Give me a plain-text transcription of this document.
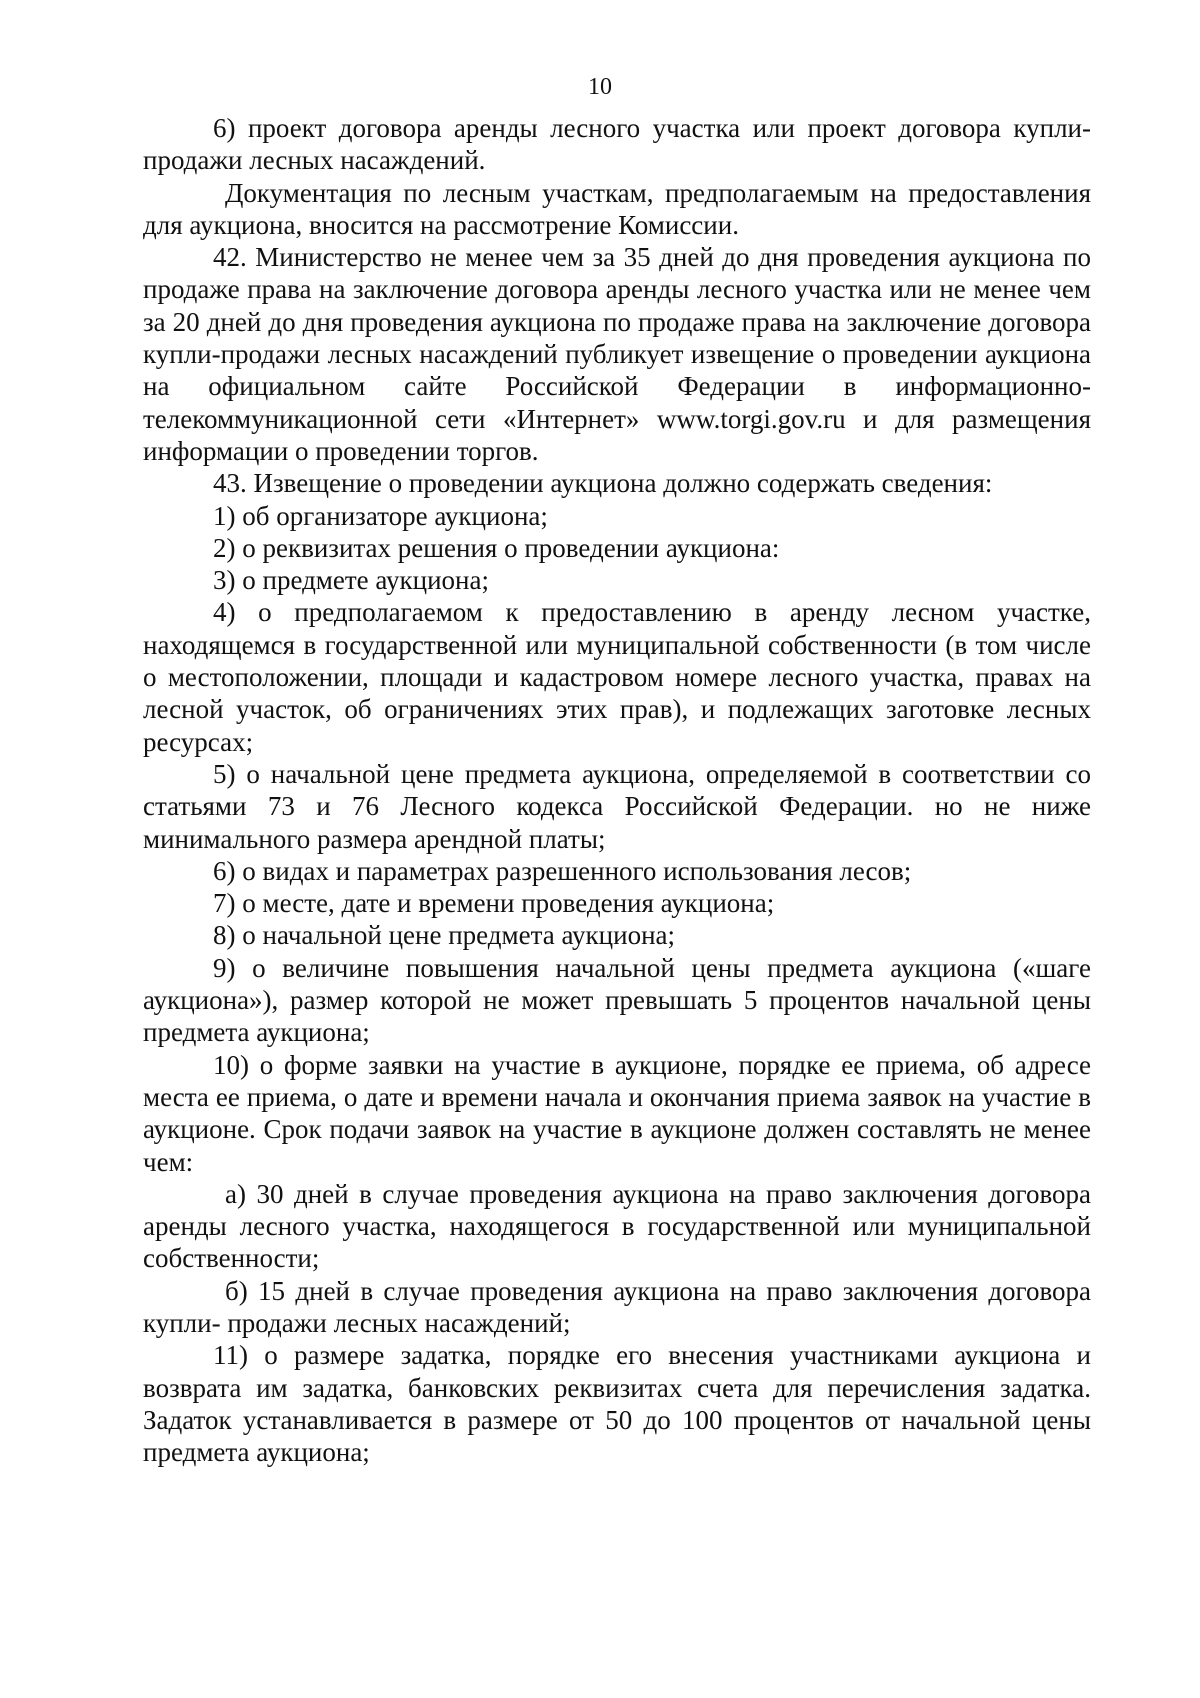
10

6) проект договора аренды лесного участка или проект договора купли-продажи лесных насаждений.

Документация по лесным участкам, предполагаемым на предоставления для аукциона, вносится на рассмотрение Комиссии.

42. Министерство не менее чем за 35 дней до дня проведения аукциона по продаже права на заключение договора аренды лесного участка или не менее чем за 20 дней до дня проведения аукциона по продаже права на заключение договора купли-продажи лесных насаждений публикует извещение о проведении аукциона на официальном сайте Российской Федерации в информационно-телекоммуникационной сети «Интернет» www.torgi.gov.ru и для размещения информации о проведении торгов.

43. Извещение о проведении аукциона должно содержать сведения:

1) об организаторе аукциона;

2) о реквизитах решения о проведении аукциона:

3) о предмете аукциона;

4) о предполагаемом к предоставлению в аренду лесном участке, находящемся в государственной или муниципальной собственности (в том числе о местоположении, площади и кадастровом номере лесного участка, правах на лесной участок, об ограничениях этих прав), и подлежащих заготовке лесных ресурсах;

5) о начальной цене предмета аукциона, определяемой в соответствии со статьями 73 и 76 Лесного кодекса Российской Федерации. но не ниже минимального размера арендной платы;

6) о видах и параметрах разрешенного использования лесов;

7) о месте, дате и времени проведения аукциона;

8) о начальной цене предмета аукциона;

9) о величине повышения начальной цены предмета аукциона («шаге аукциона»), размер которой не может превышать 5 процентов начальной цены предмета аукциона;

10) о форме заявки на участие в аукционе, порядке ее приема, об адресе места ее приема, о дате и времени начала и окончания приема заявок на участие в аукционе. Срок подачи заявок на участие в аукционе должен составлять не менее чем:

а) 30 дней в случае проведения аукциона на право заключения договора аренды лесного участка, находящегося в государственной или муниципальной собственности;

б) 15 дней в случае проведения аукциона на право заключения договора купли- продажи лесных насаждений;

11) о размере задатка, порядке его внесения участниками аукциона и возврата им задатка, банковских реквизитах счета для перечисления задатка. Задаток устанавливается в размере от 50 до 100 процентов от начальной цены предмета аукциона;
